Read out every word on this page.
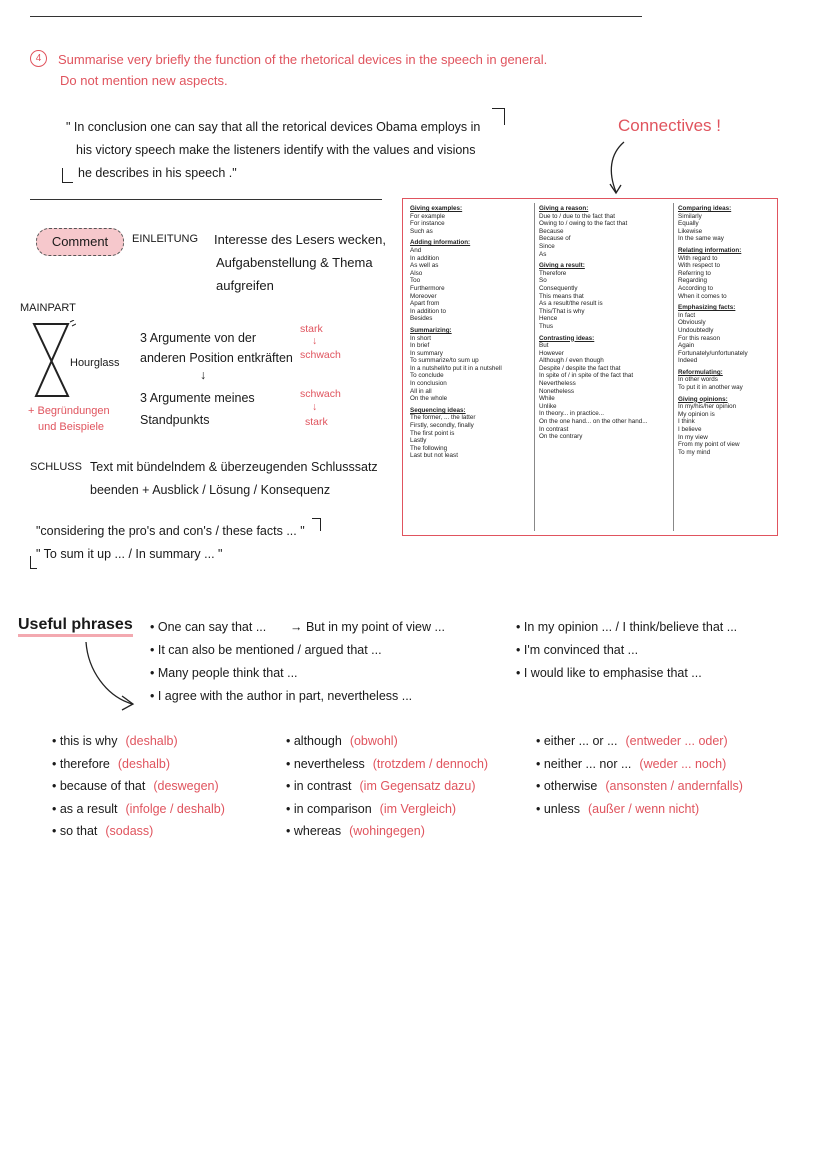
4	Summarise very briefly the function of the rhetorical devices in the speech in general.
Do not mention new aspects.
" In conclusion one can say that all the retorical devices Obama employs in
his victory speech make the listeners identify with the values and visions
he describes in his speech ."
Connectives !
Comment	EINLEITUNG Interesse des Lesers wecken,
Aufgabenstellung & Thema
aufgreifen
MAINPART
Hourglass
3 Argumente von der
anderen Position entkräften
↓
3 Argumente meines
Standpunkts
stark
↓
schwach
schwach
↓
stark
+ Begründungen
und Beispiele
SCHLUSS Text mit bündelndem & überzeugenden Schlusssatz
beenden + Ausblick / Lösung / Konsequenz
"considering the pro's and con's / these facts ... "
" To sum it up ... / In summary ... "
Giving examples:
For example
For instance
Such as
Adding information:
And
In addition
As well as
Also
Too
Furthermore
Moreover
Apart from
In addition to
Besides
Summarizing:
In short
In brief
In summary
To summarize/to sum up
In a nutshell/to put it in a nutshell
To conclude
In conclusion
All in all
On the whole
Sequencing ideas:
The former, ... the latter
Firstly, secondly, finally
The first point is
Lastly
The following
Last but not least
Giving a reason:
Due to / due to the fact that
Owing to / owing to the fact that
Because
Because of
Since
As
Giving a result:
Therefore
So
Consequently
This means that
As a result/the result is
This/That is why
Hence
Thus
Contrasting ideas:
But
However
Although / even though
Despite / despite the fact that
In spite of / in spite of the fact that
Nevertheless
Nonetheless
While
Unlike
In theory... in practice...
On the one hand... on the other hand...
In contrast
On the contrary
Comparing ideas:
Similarly
Equally
Likewise
In the same way
Relating information:
With regard to
With respect to
Referring to
Regarding
According to
When it comes to
Emphasizing facts:
In fact
Obviously
Undoubtedly
For this reason
Again
Fortunately/unfortunately
Indeed
Reformulating:
In other words
To put it in another way
Giving opinions:
In my/his/her opinion
My opinion is
I think
I believe
In my view
From my point of view
To my mind
Useful phrases • One can say that ... → But in my point of view ...
• It can also be mentioned / argued that ...
• Many people think that ...
• I agree with the author in part, nevertheless ...
• In my opinion ... / I think/believe that ...
• I'm convinced that ...
• I would like to emphasise that ...
• this is why (deshalb)
• therefore (deshalb)
• because of that (deswegen)
• as a result (infolge / deshalb)
• so that (sodass)
• although (obwohl)
• nevertheless (trotzdem / dennoch)
• in contrast (im Gegensatz dazu)
• in comparison (im Vergleich)
• whereas (wohingegen)
• either ... or ... (entweder ... oder)
• neither ... nor ... (weder ... noch)
• otherwise (ansonsten / andernfalls)
• unless (außer / wenn nicht)
